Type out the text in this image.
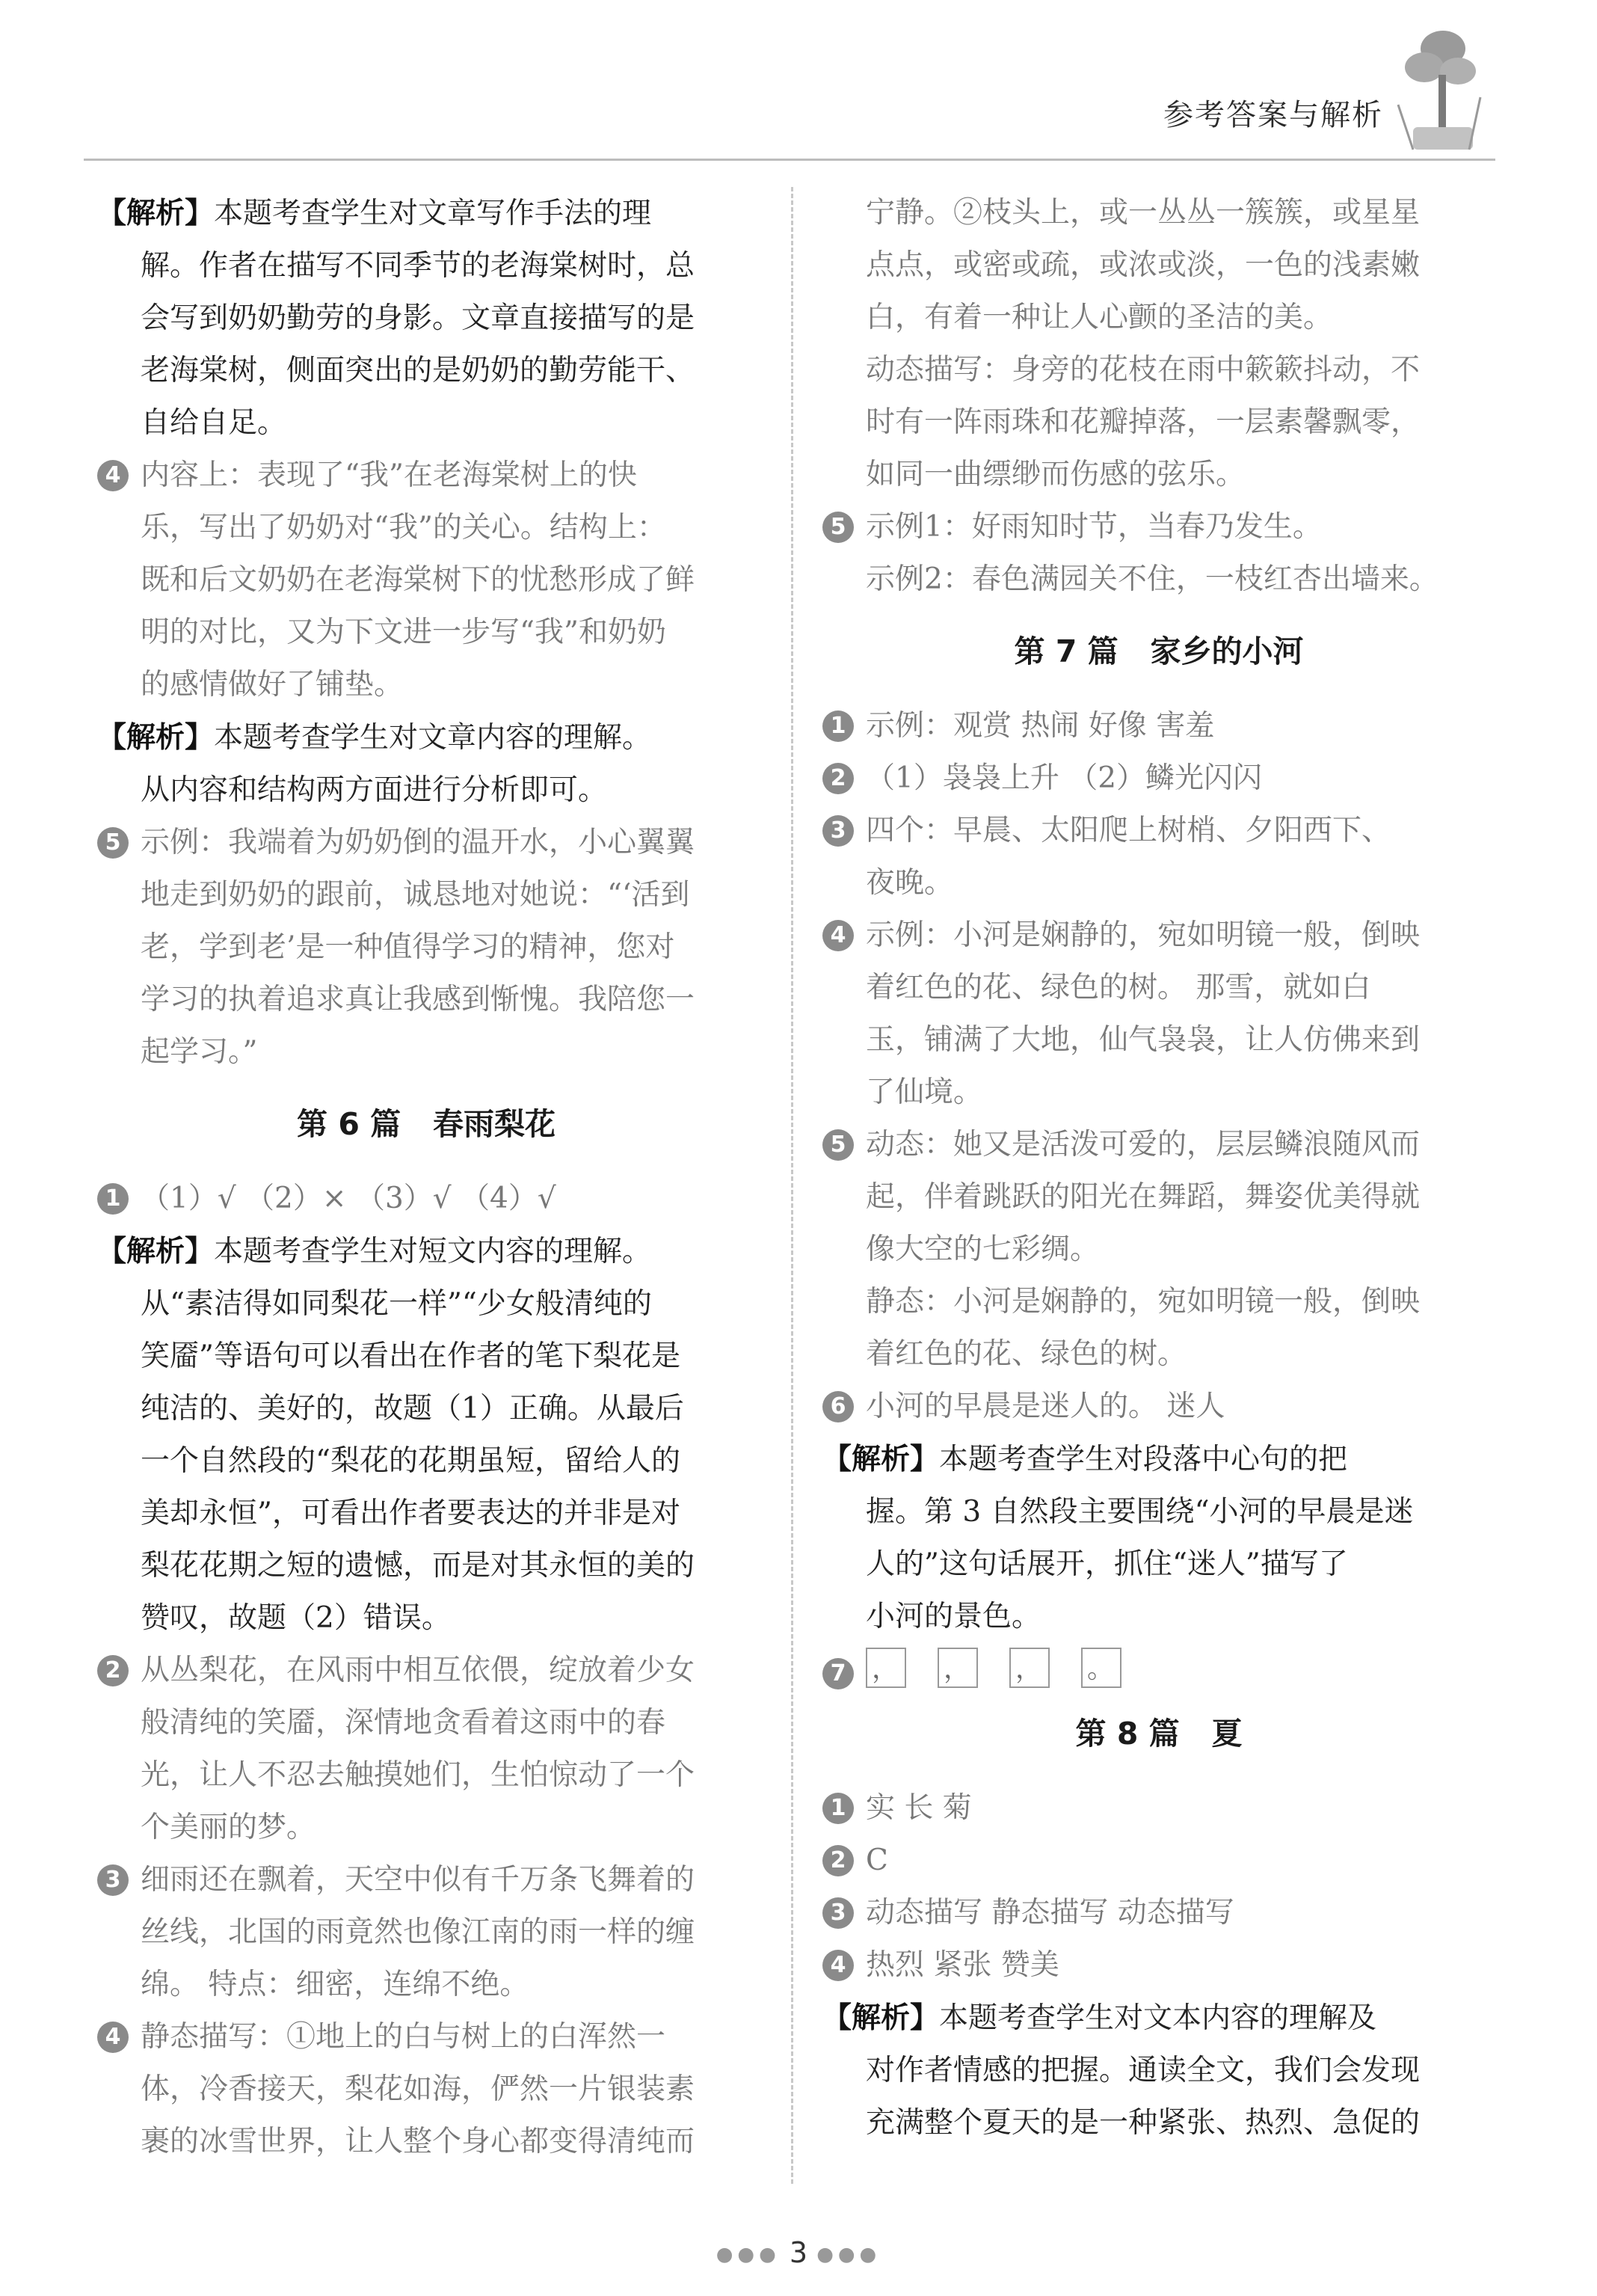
参考答案与解析

【解析】本题考查学生对文章写作手法的理

解。作者在描写不同季节的老海棠树时，总

会写到奶奶勤劳的身影。文章直接描写的是

老海棠树，侧面突出的是奶奶的勤劳能干、

自给自足。

4 内容上：表现了“我”在老海棠树上的快

乐，写出了奶奶对“我”的关心。结构上：

既和后文奶奶在老海棠树下的忧愁形成了鲜

明的对比，又为下文进一步写“我”和奶奶

的感情做好了铺垫。

【解析】本题考查学生对文章内容的理解。

从内容和结构两方面进行分析即可。

5 示例：我端着为奶奶倒的温开水，小心翼翼

地走到奶奶的跟前，诚恳地对她说：“‘活到

老，学到老’是一种值得学习的精神，您对

学习的执着追求真让我感到惭愧。我陪您一

起学习。”

第 6 篇   春雨梨花
1 （1）√ （2）× （3）√ （4）√

【解析】本题考查学生对短文内容的理解。

从“素洁得如同梨花一样”“少女般清纯的

笑靥”等语句可以看出在作者的笔下梨花是

纯洁的、美好的，故题（1）正确。从最后

一个自然段的“梨花的花期虽短，留给人的

美却永恒”，可看出作者要表达的并非是对

梨花花期之短的遗憾，而是对其永恒的美的

赞叹，故题（2）错误。

2 从丛梨花，在风雨中相互依偎，绽放着少女

般清纯的笑靥，深情地贪看着这雨中的春

光，让人不忍去触摸她们，生怕惊动了一个

个美丽的梦。

3 细雨还在飘着，天空中似有千万条飞舞着的

丝线，北国的雨竟然也像江南的雨一样的缠

绵。 特点：细密，连绵不绝。

4 静态描写：①地上的白与树上的白浑然一

体，冷香接天，梨花如海，俨然一片银装素

裹的冰雪世界，让人整个身心都变得清纯而

宁静。②枝头上，或一丛丛一簇簇，或星星

点点，或密或疏，或浓或淡，一色的浅素嫩

白，有着一种让人心颤的圣洁的美。

动态描写：身旁的花枝在雨中簌簌抖动，不

时有一阵雨珠和花瓣掉落，一层素馨飘零，

如同一曲缥缈而伤感的弦乐。

5 示例1：好雨知时节，当春乃发生。

示例2：春色满园关不住，一枝红杏出墙来。

第 7 篇   家乡的小河
1 示例：观赏 热闹 好像 害羞

2 （1）袅袅上升 （2）鳞光闪闪

3 四个：早晨、太阳爬上树梢、夕阳西下、

夜晚。

4 示例：小河是娴静的，宛如明镜一般，倒映

着红色的花、绿色的树。 那雪，就如白

玉，铺满了大地，仙气袅袅，让人仿佛来到

了仙境。

5 动态：她又是活泼可爱的，层层鳞浪随风而

起，伴着跳跃的阳光在舞蹈，舞姿优美得就

像大空的七彩绸。

静态：小河是娴静的，宛如明镜一般，倒映

着红色的花、绿色的树。

6 小河的早晨是迷人的。 迷人

【解析】本题考查学生对段落中心句的把

握。第 3 自然段主要围绕“小河的早晨是迷

人的”这句话展开，抓住“迷人”描写了

小河的景色。

7 ， ， ， 。
第 8 篇   夏
1 实 长 菊

2 C

3 动态描写 静态描写 动态描写

4 热烈 紧张 赞美

【解析】本题考查学生对文本内容的理解及

对作者情感的把握。通读全文，我们会发现

充满整个夏天的是一种紧张、热烈、急促的

●●● 3 ●●●
